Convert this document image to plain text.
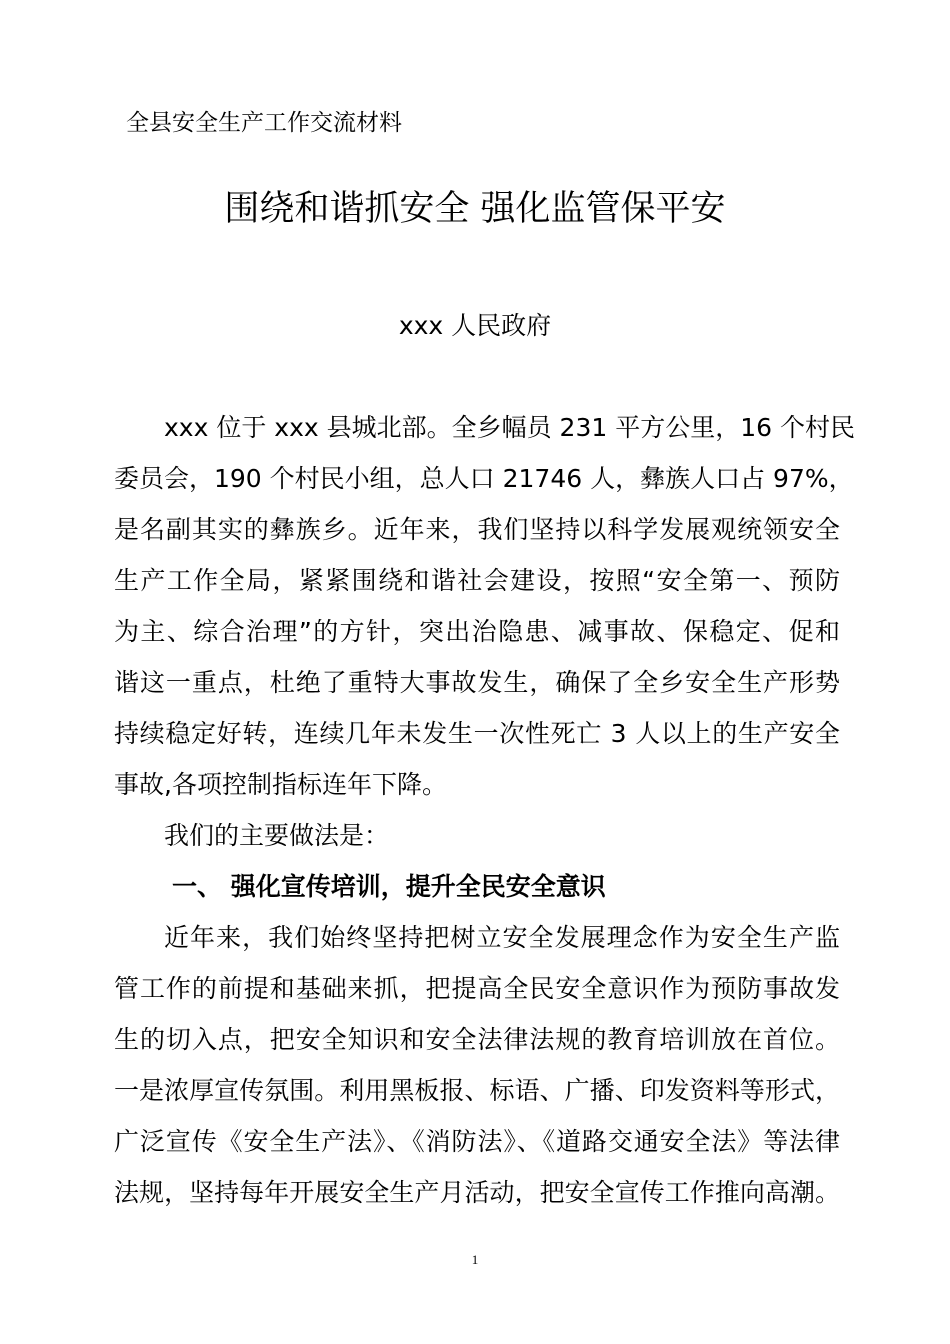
全县安全生产工作交流材料

围绕和谐抓安全 强化监管保平安

xxx 人民政府

xxx 位于 xxx 县城北部。全乡幅员 231 平方公里，16 个村民

委员会，190 个村民小组，总人口 21746 人，彝族人口占 97%，

是名副其实的彝族乡。近年来，我们坚持以科学发展观统领安全

生产工作全局，紧紧围绕和谐社会建设，按照“安全第一、预防

为主、综合治理”的方针，突出治隐患、减事故、保稳定、促和

谐这一重点，杜绝了重特大事故发生，确保了全乡安全生产形势

持续稳定好转，连续几年未发生一次性死亡 3 人以上的生产安全

事故,各项控制指标连年下降。

我们的主要做法是：

一、 强化宣传培训，提升全民安全意识

近年来，我们始终坚持把树立安全发展理念作为安全生产监

管工作的前提和基础来抓，把提高全民安全意识作为预防事故发

生的切入点，把安全知识和安全法律法规的教育培训放在首位。

一是浓厚宣传氛围。利用黑板报、标语、广播、印发资料等形式，

广泛宣传《安全生产法》、《消防法》、《道路交通安全法》等法律

法规，坚持每年开展安全生产月活动，把安全宣传工作推向高潮。

1
